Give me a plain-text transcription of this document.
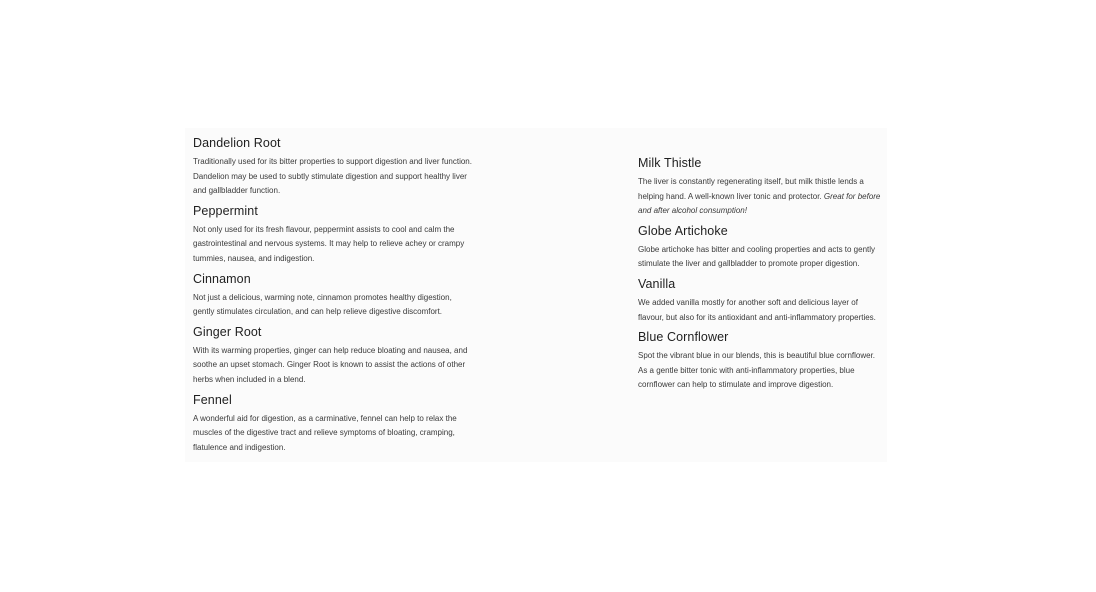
Dandelion Root

Traditionally used for its bitter properties to support digestion and liver function. Dandelion may be used to subtly stimulate digestion and support healthy liver and gallbladder function.

Peppermint

Not only used for its fresh flavour, peppermint assists to cool and calm the gastrointestinal and nervous systems. It may help to relieve achey or crampy tummies, nausea, and indigestion.

Cinnamon

Not just a delicious, warming note, cinnamon promotes healthy digestion, gently stimulates circulation, and can help relieve digestive discomfort.

Ginger Root

With its warming properties, ginger can help reduce bloating and nausea, and soothe an upset stomach. Ginger Root is known to assist the actions of other herbs when included in a blend.

Fennel

A wonderful aid for digestion, as a carminative, fennel can help to relax the muscles of the digestive tract and relieve symptoms of bloating, cramping, flatulence and indigestion.

Milk Thistle

The liver is constantly regenerating itself, but milk thistle lends a helping hand. A well-known liver tonic and protector. Great for before and after alcohol consumption!

Globe Artichoke

Globe artichoke has bitter and cooling properties and acts to gently stimulate the liver and gallbladder to promote proper digestion.

Vanilla

We added vanilla mostly for another soft and delicious layer of flavour, but also for its antioxidant and anti-inflammatory properties.

Blue Cornflower

Spot the vibrant blue in our blends, this is beautiful blue cornflower. As a gentle bitter tonic with anti-inflammatory properties, blue cornflower can help to stimulate and improve digestion.
